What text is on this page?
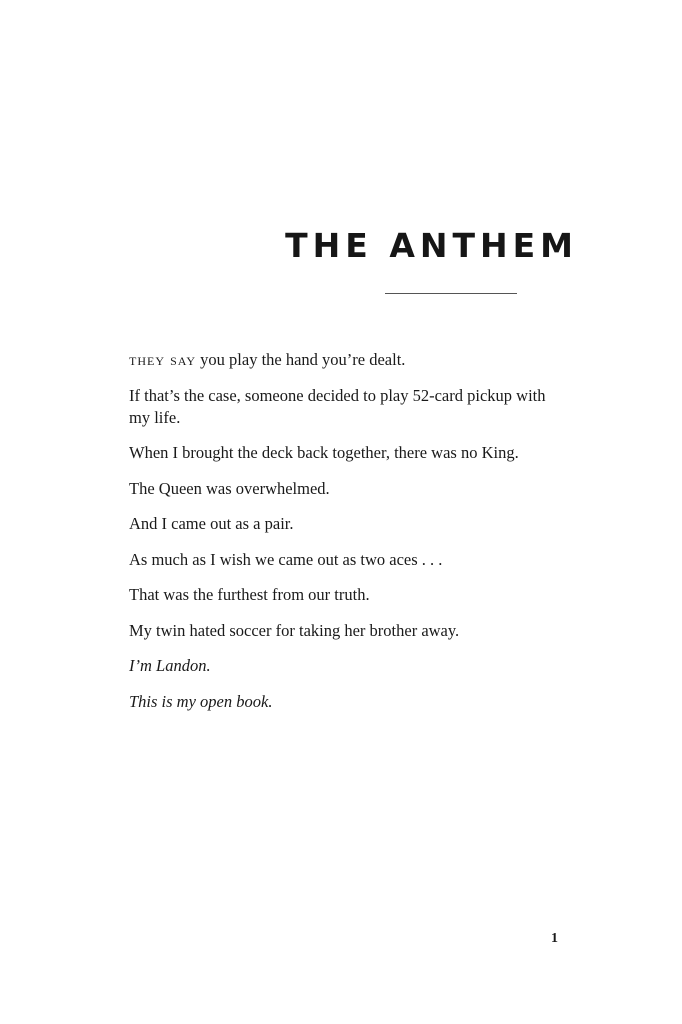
THE ANTHEM

they say you play the hand you’re dealt.

If that’s the case, someone decided to play 52-card pickup with my life.

When I brought the deck back together, there was no King.

The Queen was overwhelmed.

And I came out as a pair.

As much as I wish we came out as two aces . . .

That was the furthest from our truth.

My twin hated soccer for taking her brother away.

I’m Landon.

This is my open book.

1
